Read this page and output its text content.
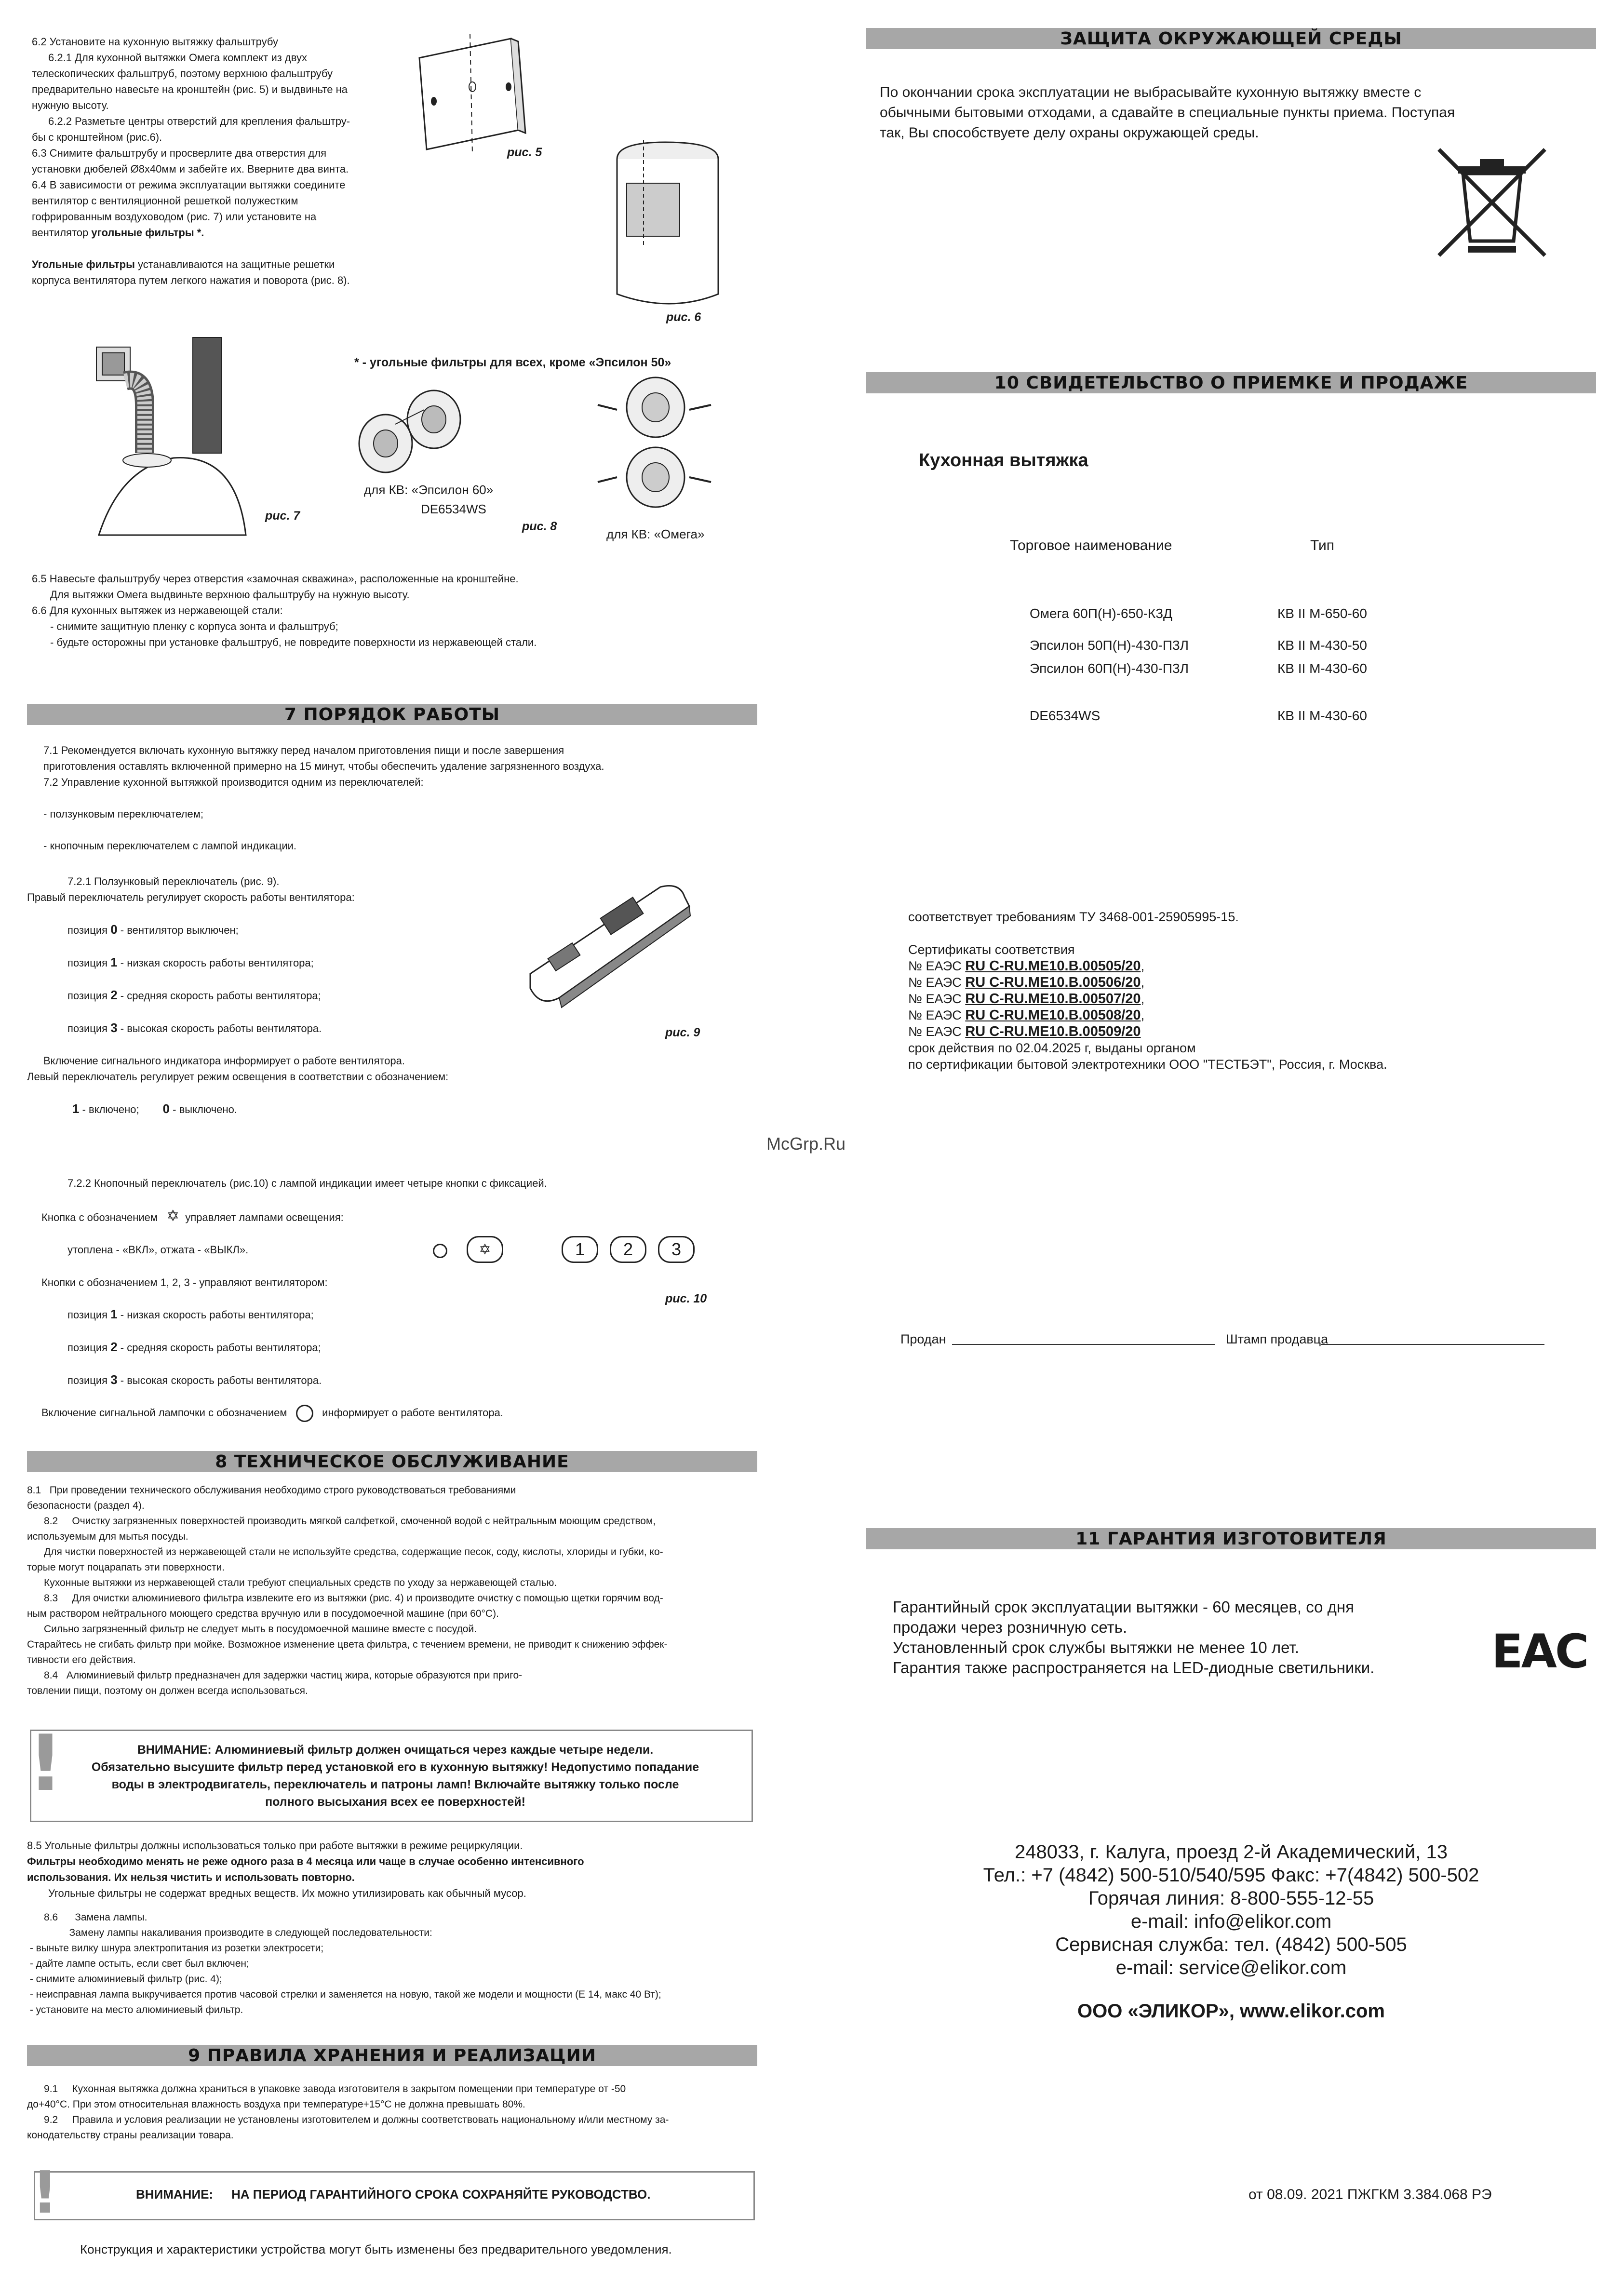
6.2 Установите на кухонную вытяжку фальштрубу
6.2.1 Для кухонной вытяжки Омега комплект из двух
телескопических фальштруб, поэтому верхнюю фальштрубу
предварительно навесьте на кронштейн (рис. 5) и выдвиньте на
нужную высоту.
6.2.2 Разметьте центры отверстий для крепления фальштру-
бы с кронштейном (рис.6).
6.3 Снимите фальштрубу и просверлите два отверстия для
установки дюбелей Ø8x40мм и забейте их. Вверните два винта.
6.4 В зависимости от режима эксплуатации вытяжки соедините
вентилятор с вентиляционной решеткой полужестким
гофрированным воздуховодом (рис. 7) или установите на
вентилятор угольные фильтры *.
Угольные фильтры устанавливаются на защитные решетки
корпуса вентилятора путем легкого нажатия и поворота (рис. 8).
рис. 5
рис. 6
рис. 7
* - угольные фильтры для всех, кроме «Эпсилон 50»
для КВ: «Эпсилон 60»
DE6534WS
рис. 8
для КВ: «Омега»
6.5 Навесьте фальштрубу через отверстия «замочная скважина», расположенные на кронштейне.
Для вытяжки Омега выдвиньте верхнюю фальштрубу на нужную высоту.
6.6 Для кухонных вытяжек из нержавеющей стали:
- снимите защитную пленку с корпуса зонта и фальштруб;
- будьте осторожны при установке фальштруб, не повредите поверхности из нержавеющей стали.
7 ПОРЯДОК РАБОТЫ
7.1 Рекомендуется включать кухонную вытяжку перед началом приготовления пищи и после завершения
приготовления оставлять включенной примерно на 15 минут, чтобы обеспечить удаление загрязненного воздуха.
7.2 Управление кухонной вытяжкой производится одним из переключателей:
- ползунковым переключателем;
- кнопочным переключателем с лампой индикации.
7.2.1 Ползунковый переключатель (рис. 9).
Правый переключатель регулирует скорость работы вентилятора:
позиция 0 - вентилятор выключен;
позиция 1 - низкая скорость работы вентилятора;
позиция 2 - средняя скорость работы вентилятора;
позиция 3 - высокая скорость работы вентилятора.
Включение сигнального индикатора информирует о работе вентилятора.
Левый переключатель регулирует режим освещения в соответствии с обозначением:
1 - включено; 0 - выключено.
рис. 9
7.2.2 Кнопочный переключатель (рис.10) с лампой индикации имеет четыре кнопки с фиксацией.
Кнопка с обозначением ✡ управляет лампами освещения:
утоплена - «ВКЛ», отжата - «ВЫКЛ».
Кнопки с обозначением 1, 2, 3 - управляют вентилятором:
позиция 1 - низкая скорость работы вентилятора;
позиция 2 - средняя скорость работы вентилятора;
позиция 3 - высокая скорость работы вентилятора.
Включение сигнальной лампочки с обозначением	информирует о работе вентилятора.
✡	1	2	3
рис. 10
8 ТЕХНИЧЕСКОЕ ОБСЛУЖИВАНИЕ
8.1   При проведении технического обслуживания необходимо строго руководствоваться требованиями
безопасности (раздел 4).
8.2     Очистку загрязненных поверхностей производить мягкой салфеткой, смоченной водой с нейтральным моющим средством,
используемым для мытья посуды.
Для чистки поверхностей из нержавеющей стали не используйте средства, содержащие песок, соду, кислоты, хлориды и губки, ко-
торые могут поцарапать эти поверхности.
Кухонные вытяжки из нержавеющей стали требуют специальных средств по уходу за нержавеющей сталью.
8.3     Для очистки алюминиевого фильтра извлеките его из вытяжки (рис. 4) и производите очистку с помощью щетки горячим вод-
ным раствором нейтрального моющего средства вручную или в посудомоечной машине (при 60°С).
Сильно загрязненный фильтр не следует мыть в посудомоечной машине вместе с посудой.
Старайтесь не сгибать фильтр при мойке. Возможное изменение цвета фильтра, с течением времени, не приводит к снижению эффек-
тивности его действия.
8.4   Алюминиевый фильтр предназначен для задержки частиц жира, которые образуются при приго-
товлении пищи, поэтому он должен всегда использоваться.
!	ВНИМАНИЕ: Алюминиевый фильтр должен очищаться через каждые четыре недели.
Обязательно высушите фильтр перед установкой его в кухонную вытяжку! Недопустимо попадание
воды в электродвигатель, переключатель и патроны ламп! Включайте вытяжку только после
полного высыхания всех ее поверхностей!
8.5 Угольные фильтры должны использоваться только при работе вытяжки в режиме рециркуляции.
Фильтры необходимо менять не реже одного раза в 4 месяца или чаще в случае особенно интенсивного
использования. Их нельзя чистить и использовать повторно.
Угольные фильтры не содержат вредных веществ. Их можно утилизировать как обычный мусор.
8.6      Замена лампы.
Замену лампы накаливания производите в следующей последовательности:
- выньте вилку шнура электропитания из розетки электросети;
- дайте лампе остыть, если свет был включен;
- снимите алюминиевый фильтр (рис. 4);
- неисправная лампа выкручивается против часовой стрелки и заменяется на новую, такой же модели и мощности (Е 14, макс 40 Вт);
- установите на место алюминиевый фильтр.
9 ПРАВИЛА ХРАНЕНИЯ И РЕАЛИЗАЦИИ
9.1     Кухонная вытяжка должна храниться в упаковке завода изготовителя в закрытом помещении при температуре от -50
до+40°С. При этом относительная влажность воздуха при температуре+15°С не должна превышать 80%.
9.2     Правила и условия реализации не установлены изготовителем и должны соответствовать национальному и/или местному за-
конодательству страны реализации товара.
!	ВНИМАНИЕ: НА ПЕРИОД ГАРАНТИЙНОГО СРОКА СОХРАНЯЙТЕ РУКОВОДСТВО.
Конструкция и характеристики устройства могут быть изменены без предварительного уведомления.
ЗАЩИТА ОКРУЖАЮЩЕЙ СРЕДЫ
По окончании срока эксплуатации не выбрасывайте кухонную вытяжку вместе с
обычными бытовыми отходами, а сдавайте в специальные пункты приема. Поступая
так, Вы способствуете делу охраны окружающей среды.
10 СВИДЕТЕЛЬСТВО О ПРИЕМКЕ И ПРОДАЖЕ
Кухонная вытяжка
Торговое наименование	Тип
Омега 60П(Н)-650-К3Д	КВ II М-650-60
Эпсилон 50П(Н)-430-П3Л	КВ II М-430-50
Эпсилон 60П(Н)-430-П3Л	КВ II М-430-60
DE6534WS	КВ II М-430-60
соответствует требованиям ТУ 3468-001-25905995-15.
Сертификаты соответствия
№ ЕАЭС RU C-RU.ME10.B.00505/20,
№ ЕАЭС RU C-RU.ME10.B.00506/20,
№ ЕАЭС RU C-RU.ME10.B.00507/20,
№ ЕАЭС RU C-RU.ME10.B.00508/20,
№ ЕАЭС RU C-RU.ME10.B.00509/20
срок действия по 02.04.2025 г, выданы органом
по сертификации бытовой электротехники ООО "ТЕСТБЭТ", Россия, г. Москва.
McGrp.Ru
Продан	Штамп продавца
11 ГАРАНТИЯ ИЗГОТОВИТЕЛЯ
Гарантийный срок эксплуатации вытяжки - 60 месяцев, со дня
продажи через розничную сеть.
Установленный срок службы вытяжки не менее 10 лет.
Гарантия также распространяется на LED-диодные светильники.	EAC
248033, г. Калуга, проезд 2-й Академический, 13
Тел.: +7 (4842) 500-510/540/595 Факс: +7(4842) 500-502
Горячая линия: 8-800-555-12-55
e-mail: info@elikor.com
Сервисная служба: тел. (4842) 500-505
e-mail: service@elikor.com
ООО «ЭЛИКОР», www.elikor.com
от 08.09. 2021 ПЖГКМ 3.384.068 РЭ
